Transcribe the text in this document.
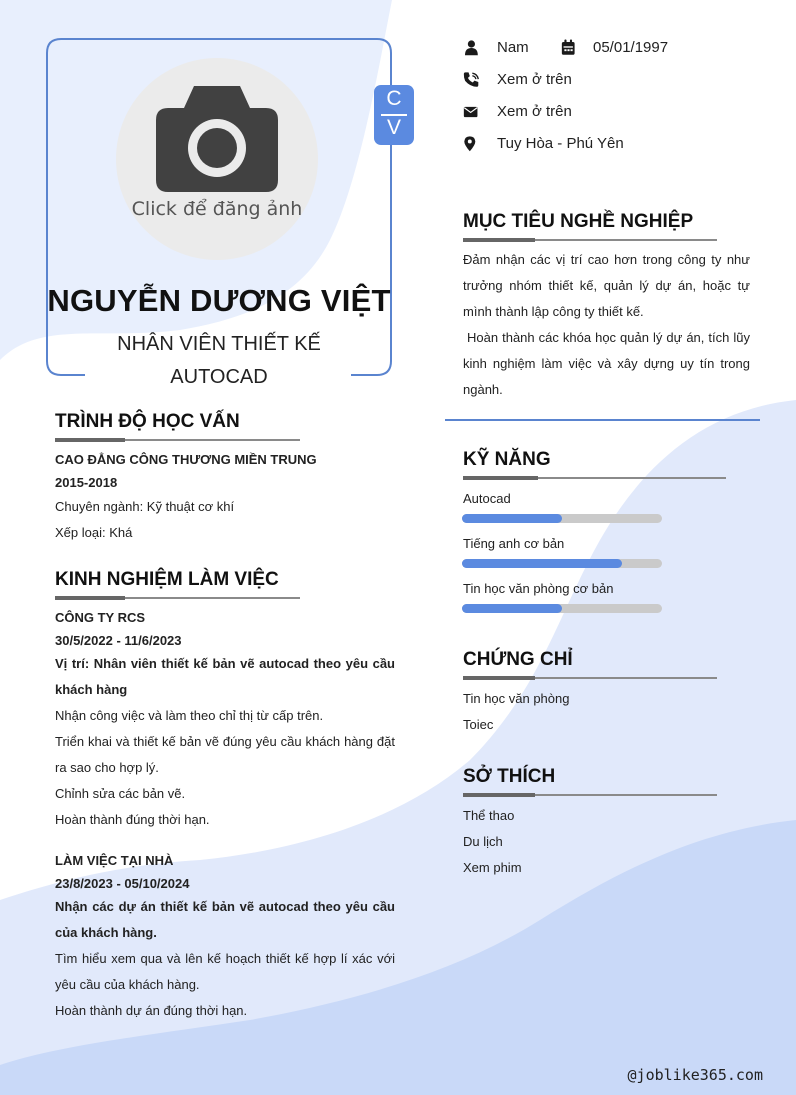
Click để đăng ảnh
C
V
NGUYỄN DƯƠNG VIỆT
NHÂN VIÊN THIẾT KẾ AUTOCAD
Nam	05/01/1997
Xem ở trên
Xem ở trên
Tuy Hòa - Phú Yên
TRÌNH ĐỘ HỌC VẤN
CAO ĐẲNG CÔNG THƯƠNG MIỀN TRUNG
2015-2018
Chuyên ngành: Kỹ thuật cơ khí
Xếp loại: Khá
KINH NGHIỆM LÀM VIỆC
CÔNG TY RCS
30/5/2022 - 11/6/2023
Vị trí: Nhân viên thiết kế bản vẽ autocad theo yêu cầu khách hàng
Nhận công việc và làm theo chỉ thị từ cấp trên.
Triển khai và thiết kế bản vẽ đúng yêu cầu khách hàng đặt ra sao cho hợp lý.
Chỉnh sửa các bản vẽ.
Hoàn thành đúng thời hạn.
LÀM VIỆC TẠI NHÀ
23/8/2023 - 05/10/2024
Nhận các dự án thiết kế bản vẽ autocad theo yêu cầu của khách hàng.
Tìm hiểu xem qua và lên kế hoạch thiết kế hợp lí xác với yêu cầu của khách hàng.
Hoàn thành dự án đúng thời hạn.
MỤC TIÊU NGHỀ NGHIỆP
Đảm nhận các vị trí cao hơn trong công ty như trưởng nhóm thiết kế, quản lý dự án, hoặc tự mình thành lập công ty thiết kế.
Hoàn thành các khóa học quản lý dự án, tích lũy kinh nghiệm làm việc và xây dựng uy tín trong ngành.
KỸ NĂNG
Autocad
Tiếng anh cơ bản
Tin học văn phòng cơ bản
CHỨNG CHỈ
Tin học văn phòng
Toiec
SỞ THÍCH
Thể thao
Du lịch
Xem phim
@joblike365.com
